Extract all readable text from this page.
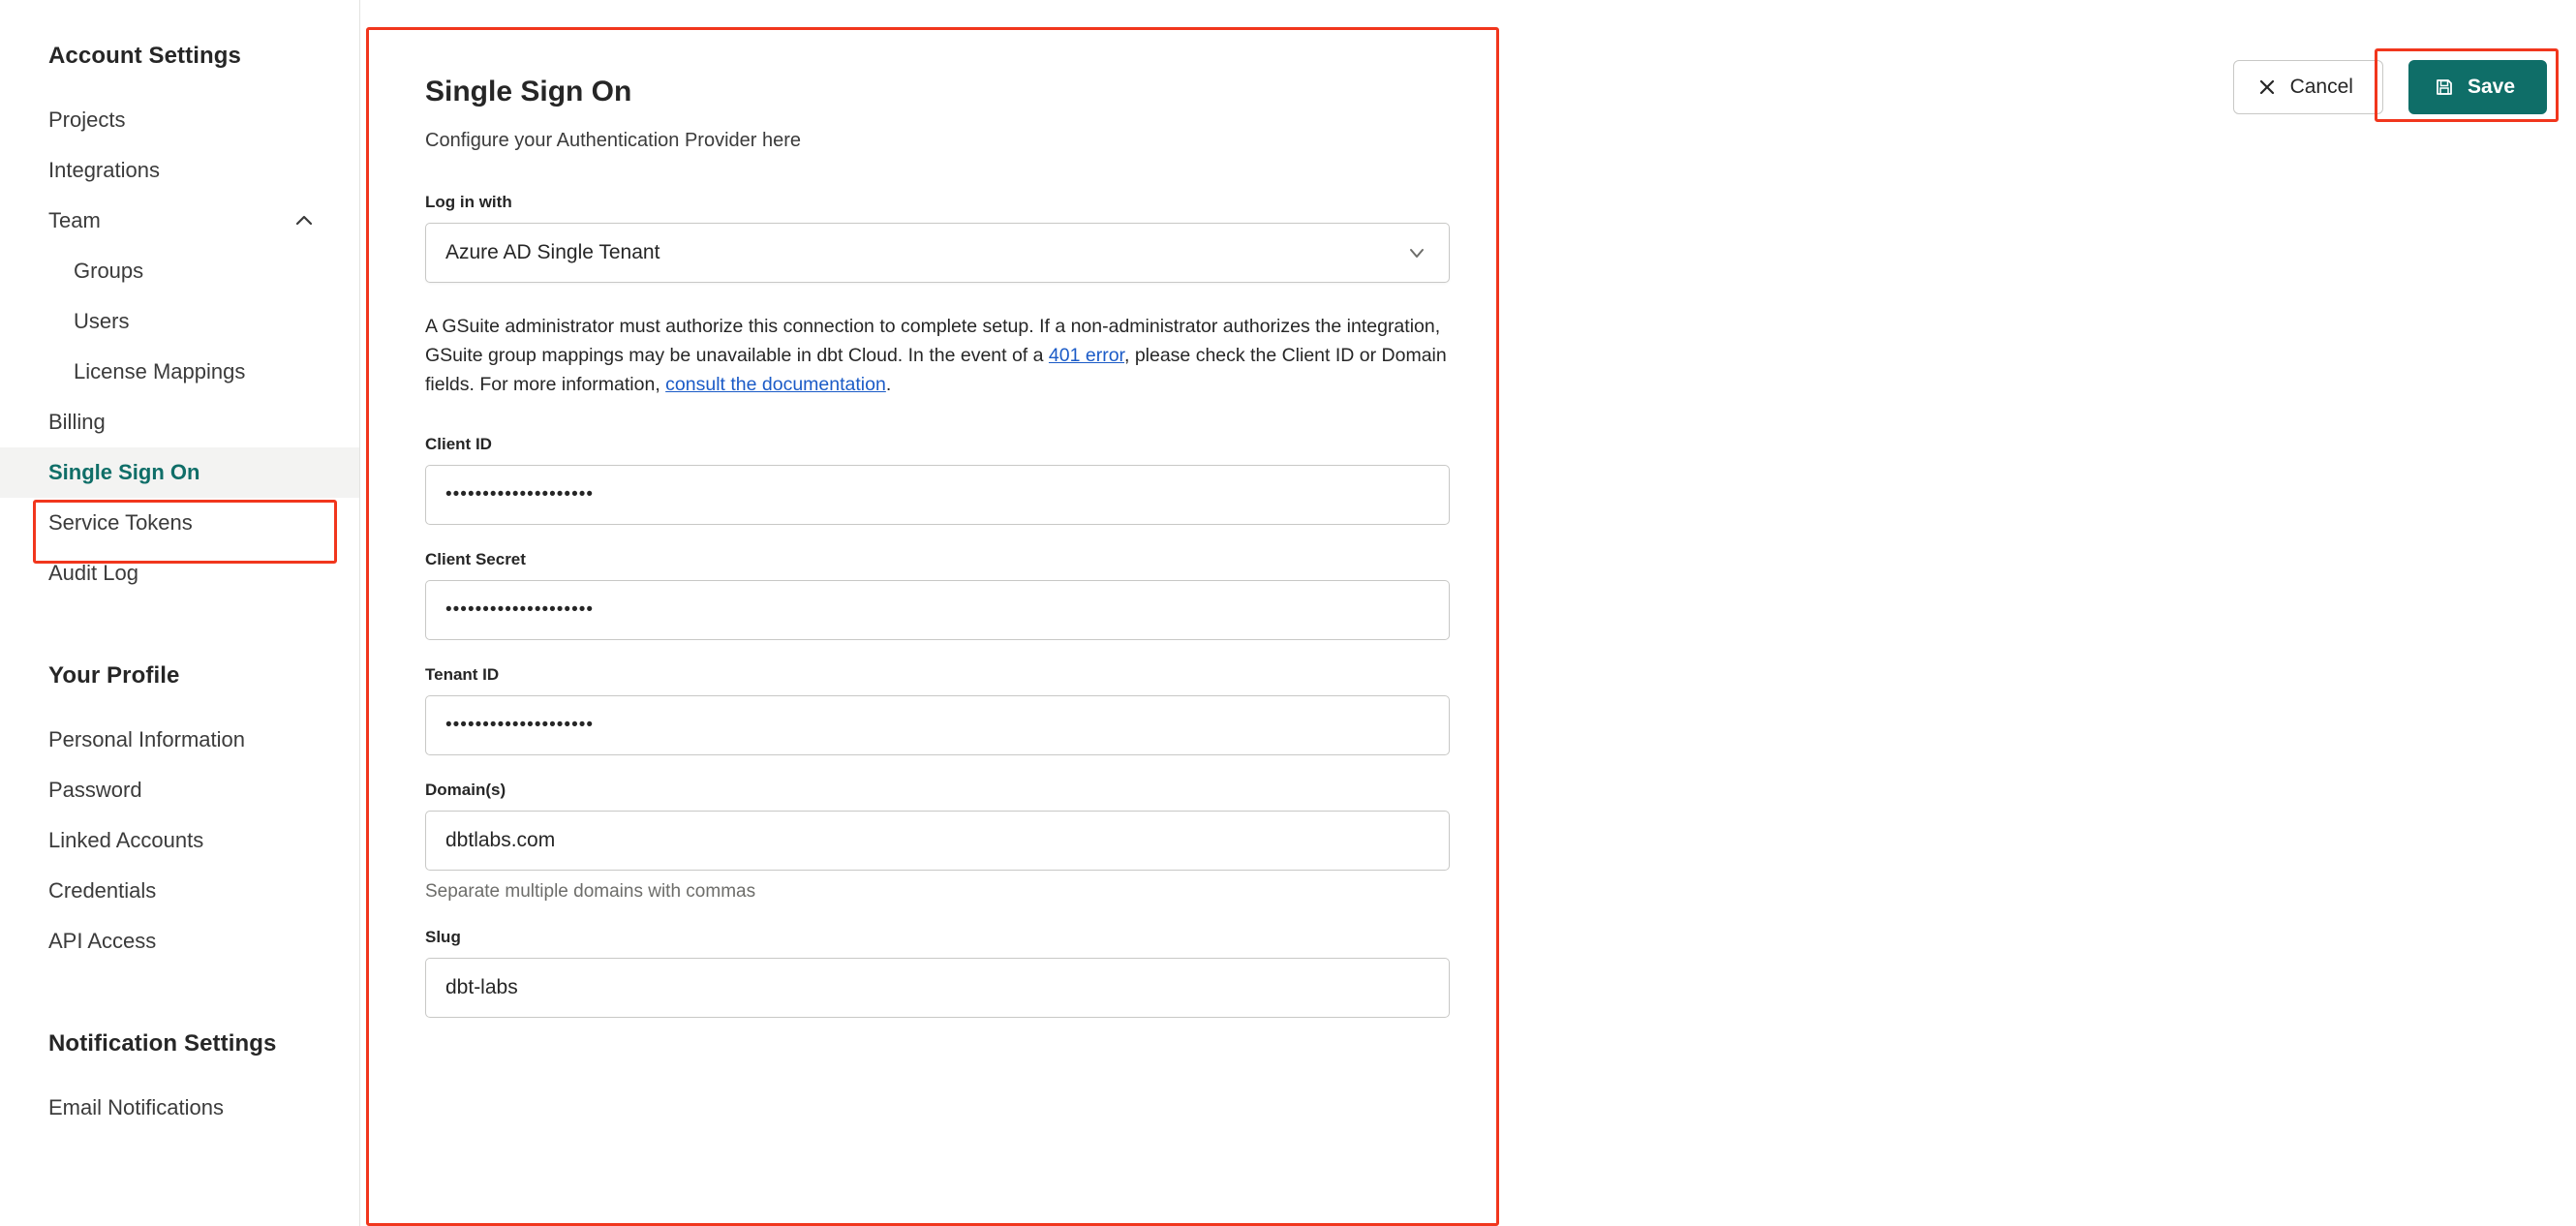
Account Settings
Projects
Integrations
Team
Groups
Users
License Mappings
Billing
Single Sign On
Service Tokens
Audit Log
Your Profile
Personal Information
Password
Linked Accounts
Credentials
API Access
Notification Settings
Email Notifications
Single Sign On

Configure your Authentication Provider here

Log in with
Azure AD Single Tenant

A GSuite administrator must authorize this connection to complete setup. If a non-administrator authorizes the integration, GSuite group mappings may be unavailable in dbt Cloud. In the event of a 401 error, please check the Client ID or Domain fields. For more information, consult the documentation.

Client ID
••••••••••••••••••••
Client Secret
••••••••••••••••••••
Tenant ID
••••••••••••••••••••
Domain(s)
dbtlabs.com
Separate multiple domains with commas
Slug
dbt-labs
Cancel	Save
